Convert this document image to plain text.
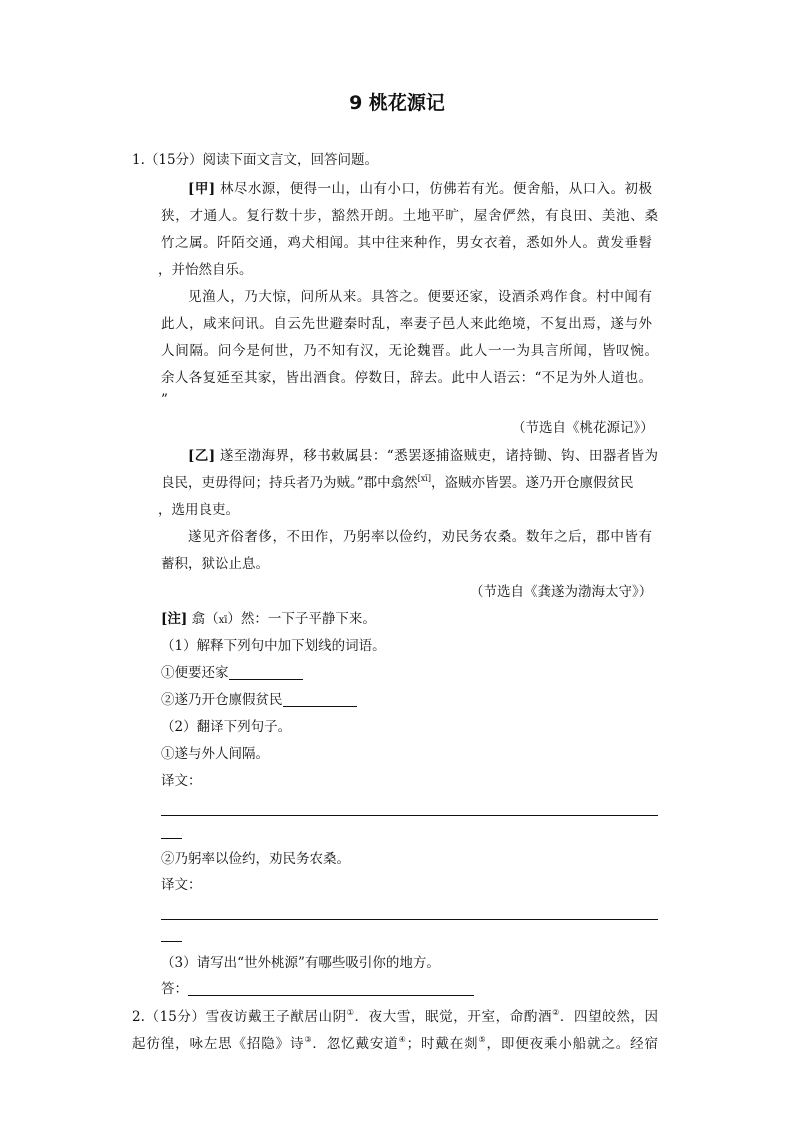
9 桃花源记
1.（15分）阅读下面文言文，回答问题。
[甲] 林尽水源，便得一山，山有小口，仿佛若有光。便舍船，从口入。初极
狭，才通人。复行数十步，豁然开朗。土地平旷，屋舍俨然，有良田、美池、桑
竹之属。阡陌交通，鸡犬相闻。其中往来种作，男女衣着，悉如外人。黄发垂髫
，并怡然自乐。
见渔人，乃大惊，问所从来。具答之。便要还家，设酒杀鸡作食。村中闻有
此人，咸来问讯。自云先世避秦时乱，率妻子邑人来此绝境，不复出焉，遂与外
人间隔。问今是何世，乃不知有汉，无论魏晋。此人一一为具言所闻，皆叹惋。
余人各复延至其家，皆出酒食。停数日，辞去。此中人语云：“不足为外人道也。
”
（节选自《桃花源记》）
[乙] 遂至渤海界，移书敕属县：“悉罢逐捕盗贼吏，诸持锄、钩、田器者皆为
良民，吏毋得问；持兵者乃为贼。”郡中翕然[xī]，盗贼亦皆罢。遂乃开仓廪假贫民
，选用良吏。
遂见齐俗奢侈，不田作，乃躬率以俭约，劝民务农桑。数年之后，郡中皆有
蓄积，狱讼止息。
（节选自《龚遂为渤海太守》）
[注] 翕（xī）然：一下子平静下来。
（1）解释下列句中加下划线的词语。
①便要还家
②遂乃开仓廪假贫民
（2）翻译下列句子。
①遂与外人间隔。
译文：
②乃躬率以俭约，劝民务农桑。
译文：
（3）请写出“世外桃源”有哪些吸引你的地方。
答：
2.（15分）雪夜访戴王子猷居山阴①．夜大雪，眠觉，开室，命酌酒②．四望皎然，因
起彷徨，咏左思《招隐》诗③．忽忆戴安道④；时戴在剡⑤，即便夜乘小船就之。经宿
